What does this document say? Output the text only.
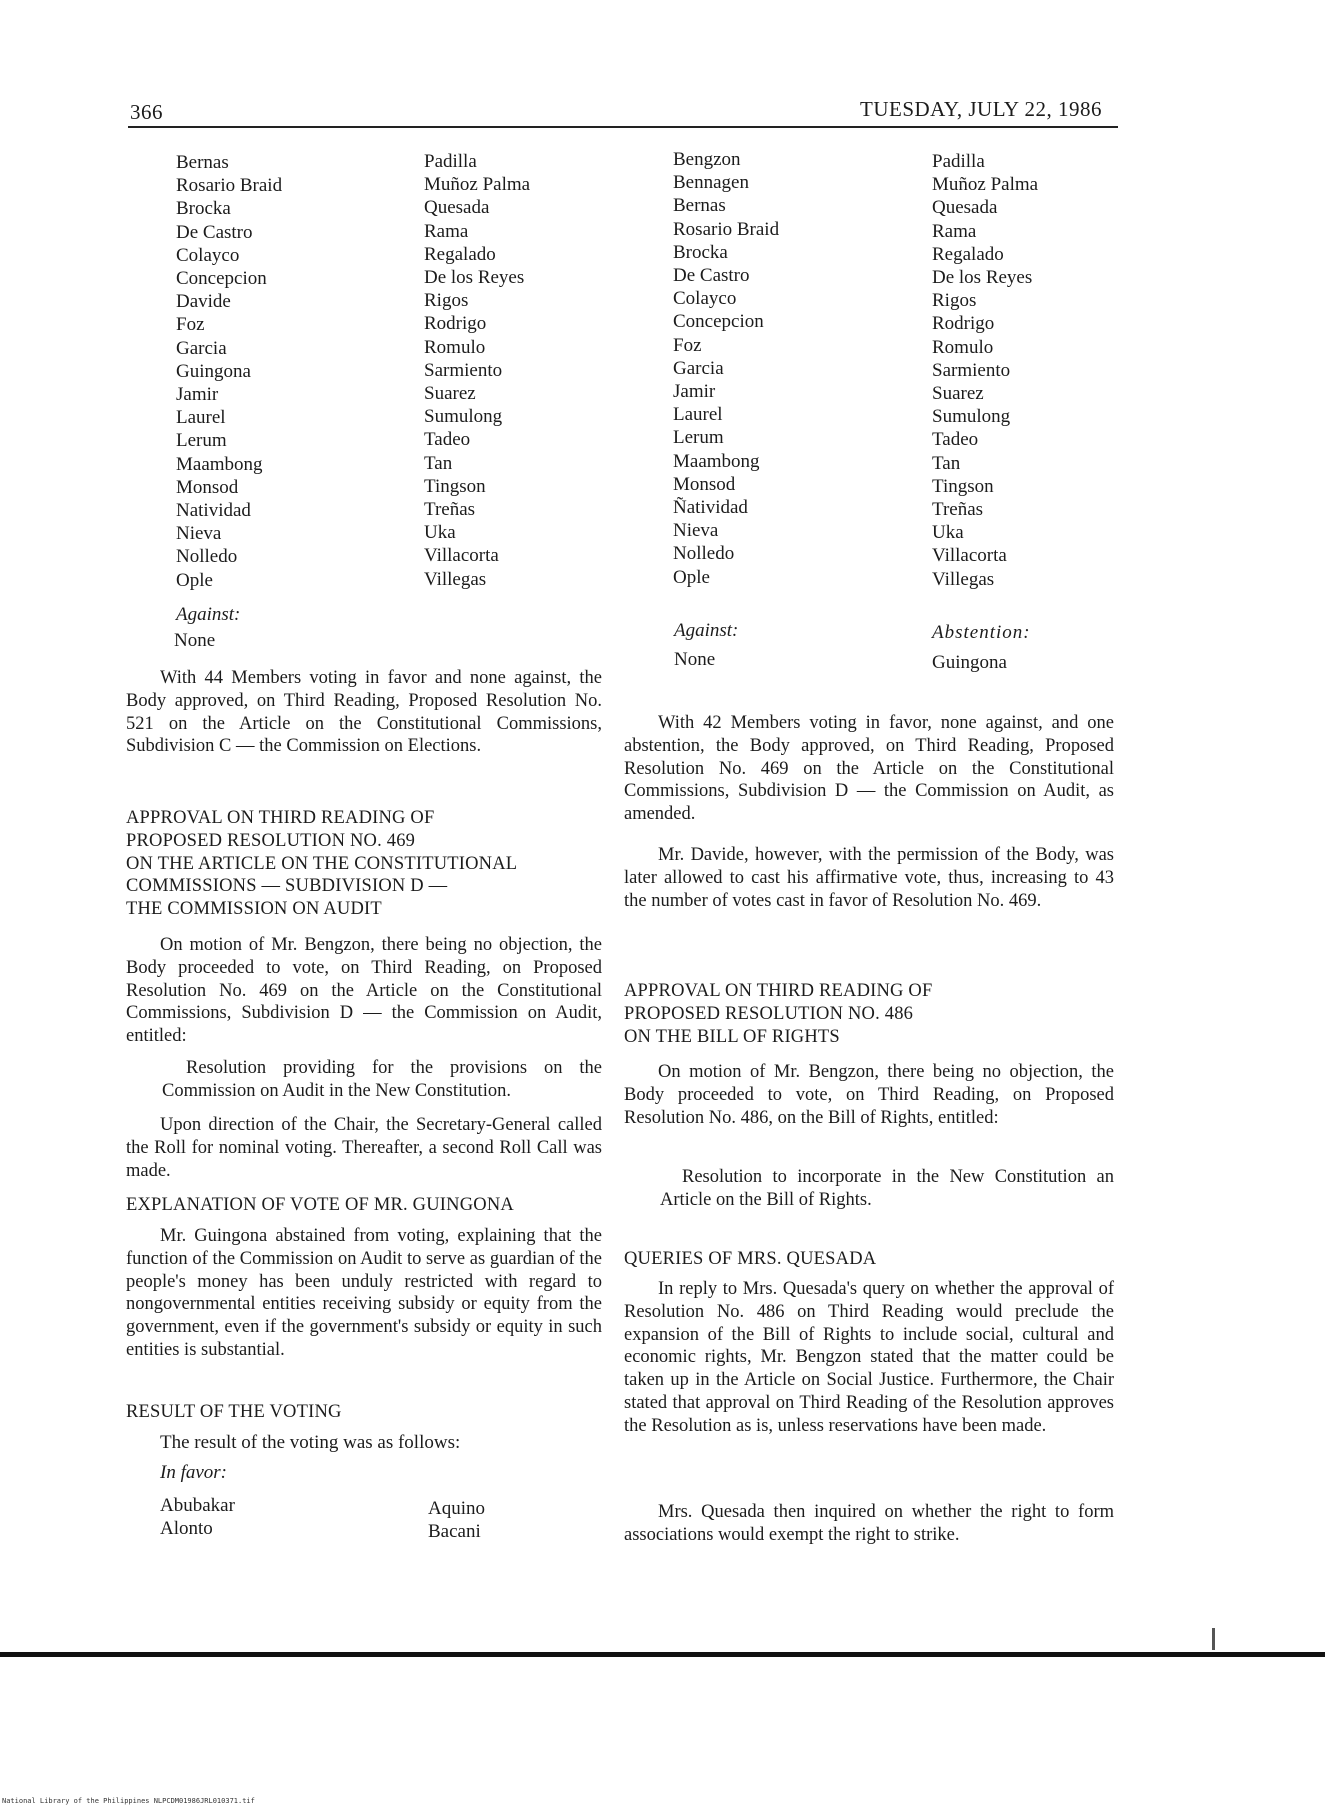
366	TUESDAY, JULY 22, 1986
Bernas
Rosario Braid
Brocka
De Castro
Colayco
Concepcion
Davide
Foz
Garcia
Guingona
Jamir
Laurel
Lerum
Maambong
Monsod
Natividad
Nieva
Nolledo
Ople
Padilla
Muñoz Palma
Quesada
Rama
Regalado
De los Reyes
Rigos
Rodrigo
Romulo
Sarmiento
Suarez
Sumulong
Tadeo
Tan
Tingson
Treñas
Uka
Villacorta
Villegas
Against:
None

With 44 Members voting in favor and none against, the Body approved, on Third Reading, Proposed Resolution No. 521 on the Article on the Constitutional Commissions, Subdivision C — the Commission on Elections.

APPROVAL ON THIRD READING OF
PROPOSED RESOLUTION NO. 469
ON THE ARTICLE ON THE CONSTITUTIONAL
COMMISSIONS — SUBDIVISION D —
THE COMMISSION ON AUDIT

On motion of Mr. Bengzon, there being no objection, the Body proceeded to vote, on Third Reading, on Proposed Resolution No. 469 on the Article on the Constitutional Commissions, Subdivision D — the Commission on Audit, entitled:

Resolution providing for the provisions on the Commission on Audit in the New Constitution.

Upon direction of the Chair, the Secretary-General called the Roll for nominal voting. Thereafter, a second Roll Call was made.

EXPLANATION OF VOTE OF MR. GUINGONA

Mr. Guingona abstained from voting, explaining that the function of the Commission on Audit to serve as guardian of the people's money has been unduly restricted with regard to nongovernmental entities receiving subsidy or equity from the government, even if the government's subsidy or equity in such entities is substantial.

RESULT OF THE VOTING
The result of the voting was as follows:
In favor:
Abubakar
Alonto
Aquino
Bacani
Bengzon
Bennagen
Bernas
Rosario Braid
Brocka
De Castro
Colayco
Concepcion
Foz
Garcia
Jamir
Laurel
Lerum
Maambong
Monsod
Ñatividad
Nieva
Nolledo
Ople
Padilla
Muñoz Palma
Quesada
Rama
Regalado
De los Reyes
Rigos
Rodrigo
Romulo
Sarmiento
Suarez
Sumulong
Tadeo
Tan
Tingson
Treñas
Uka
Villacorta
Villegas
Against:
None
Abstention:
Guingona

With 42 Members voting in favor, none against, and one abstention, the Body approved, on Third Reading, Proposed Resolution No. 469 on the Article on the Constitutional Commissions, Subdivision D — the Commission on Audit, as amended.

Mr. Davide, however, with the permission of the Body, was later allowed to cast his affirmative vote, thus, increasing to 43 the number of votes cast in favor of Resolution No. 469.

APPROVAL ON THIRD READING OF
PROPOSED RESOLUTION NO. 486
ON THE BILL OF RIGHTS

On motion of Mr. Bengzon, there being no objection, the Body proceeded to vote, on Third Reading, on Proposed Resolution No. 486, on the Bill of Rights, entitled:

Resolution to incorporate in the New Constitution an Article on the Bill of Rights.

QUERIES OF MRS. QUESADA

In reply to Mrs. Quesada's query on whether the approval of Resolution No. 486 on Third Reading would preclude the expansion of the Bill of Rights to include social, cultural and economic rights, Mr. Bengzon stated that the matter could be taken up in the Article on Social Justice. Furthermore, the Chair stated that approval on Third Reading of the Resolution approves the Resolution as is, unless reservations have been made.

Mrs. Quesada then inquired on whether the right to form associations would exempt the right to strike.

National Library of the Philippines NLPCDM01986JRL010371.tif
